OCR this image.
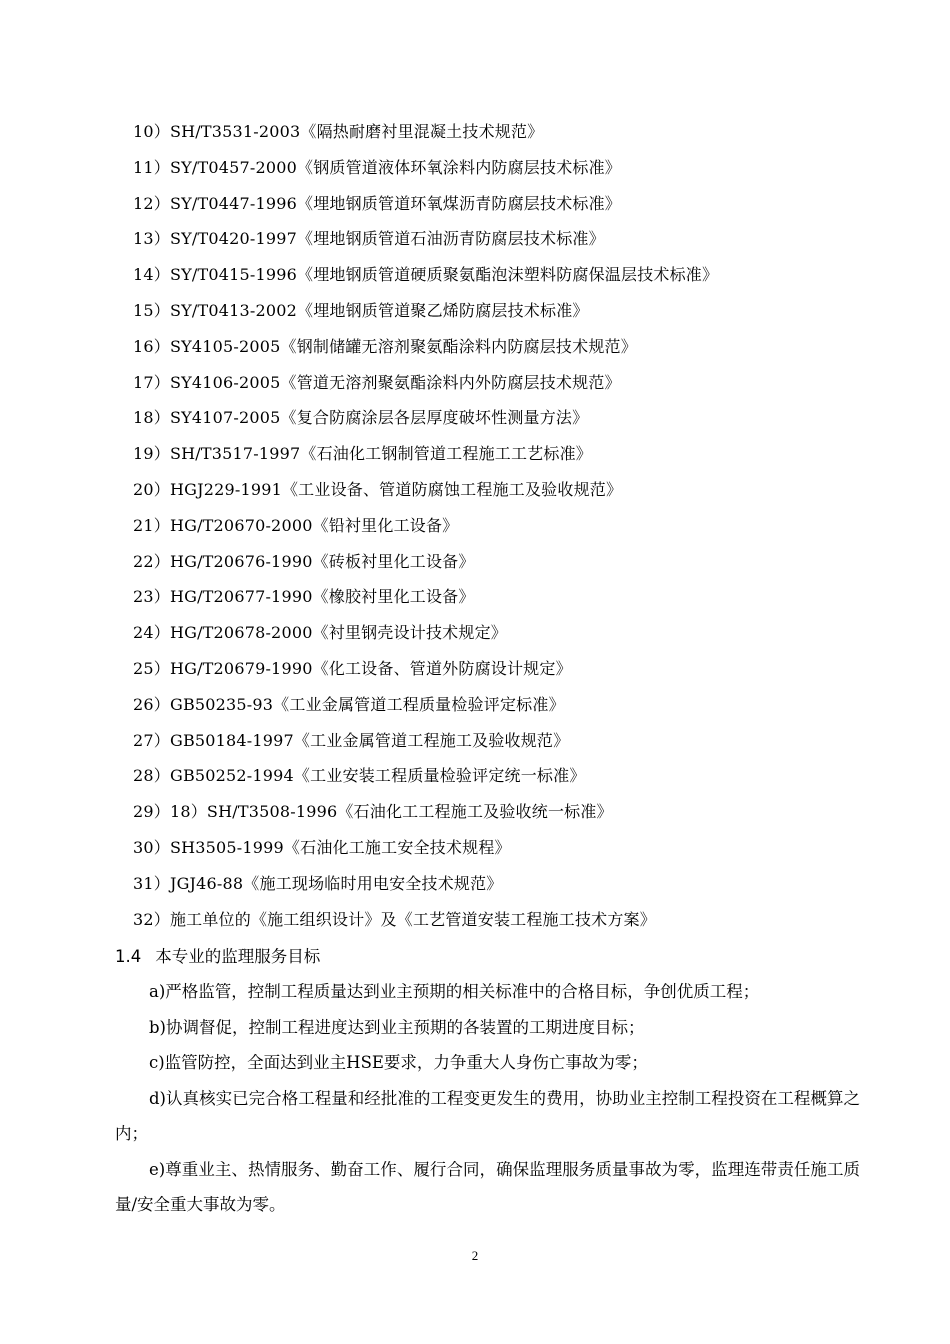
10）SH/T3531-2003《隔热耐磨衬里混凝土技术规范》
11）SY/T0457-2000《钢质管道液体环氧涂料内防腐层技术标准》
12）SY/T0447-1996《埋地钢质管道环氧煤沥青防腐层技术标准》
13）SY/T0420-1997《埋地钢质管道石油沥青防腐层技术标准》
14）SY/T0415-1996《埋地钢质管道硬质聚氨酯泡沫塑料防腐保温层技术标准》
15）SY/T0413-2002《埋地钢质管道聚乙烯防腐层技术标准》
16）SY4105-2005《钢制储罐无溶剂聚氨酯涂料内防腐层技术规范》
17）SY4106-2005《管道无溶剂聚氨酯涂料内外防腐层技术规范》
18）SY4107-2005《复合防腐涂层各层厚度破坏性测量方法》
19）SH/T3517-1997《石油化工钢制管道工程施工工艺标准》
20）HGJ229-1991《工业设备、管道防腐蚀工程施工及验收规范》
21）HG/T20670-2000《铅衬里化工设备》
22）HG/T20676-1990《砖板衬里化工设备》
23）HG/T20677-1990《橡胶衬里化工设备》
24）HG/T20678-2000《衬里钢壳设计技术规定》
25）HG/T20679-1990《化工设备、管道外防腐设计规定》
26）GB50235-93《工业金属管道工程质量检验评定标准》
27）GB50184-1997《工业金属管道工程施工及验收规范》
28）GB50252-1994《工业安装工程质量检验评定统一标准》
29）18）SH/T3508-1996《石油化工工程施工及验收统一标准》
30）SH3505-1999《石油化工施工安全技术规程》
31）JGJ46-88《施工现场临时用电安全技术规范》
32）施工单位的《施工组织设计》及《工艺管道安装工程施工技术方案》
1.4 本专业的监理服务目标

a)严格监管，控制工程质量达到业主预期的相关标准中的合格目标，争创优质工程；

b)协调督促，控制工程进度达到业主预期的各装置的工期进度目标；

c)监管防控，全面达到业主HSE要求，力争重大人身伤亡事故为零；

d)认真核实已完合格工程量和经批准的工程变更发生的费用，协助业主控制工程投资在工程概算之内；

e)尊重业主、热情服务、勤奋工作、履行合同，确保监理服务质量事故为零，监理连带责任施工质量/安全重大事故为零。

2
